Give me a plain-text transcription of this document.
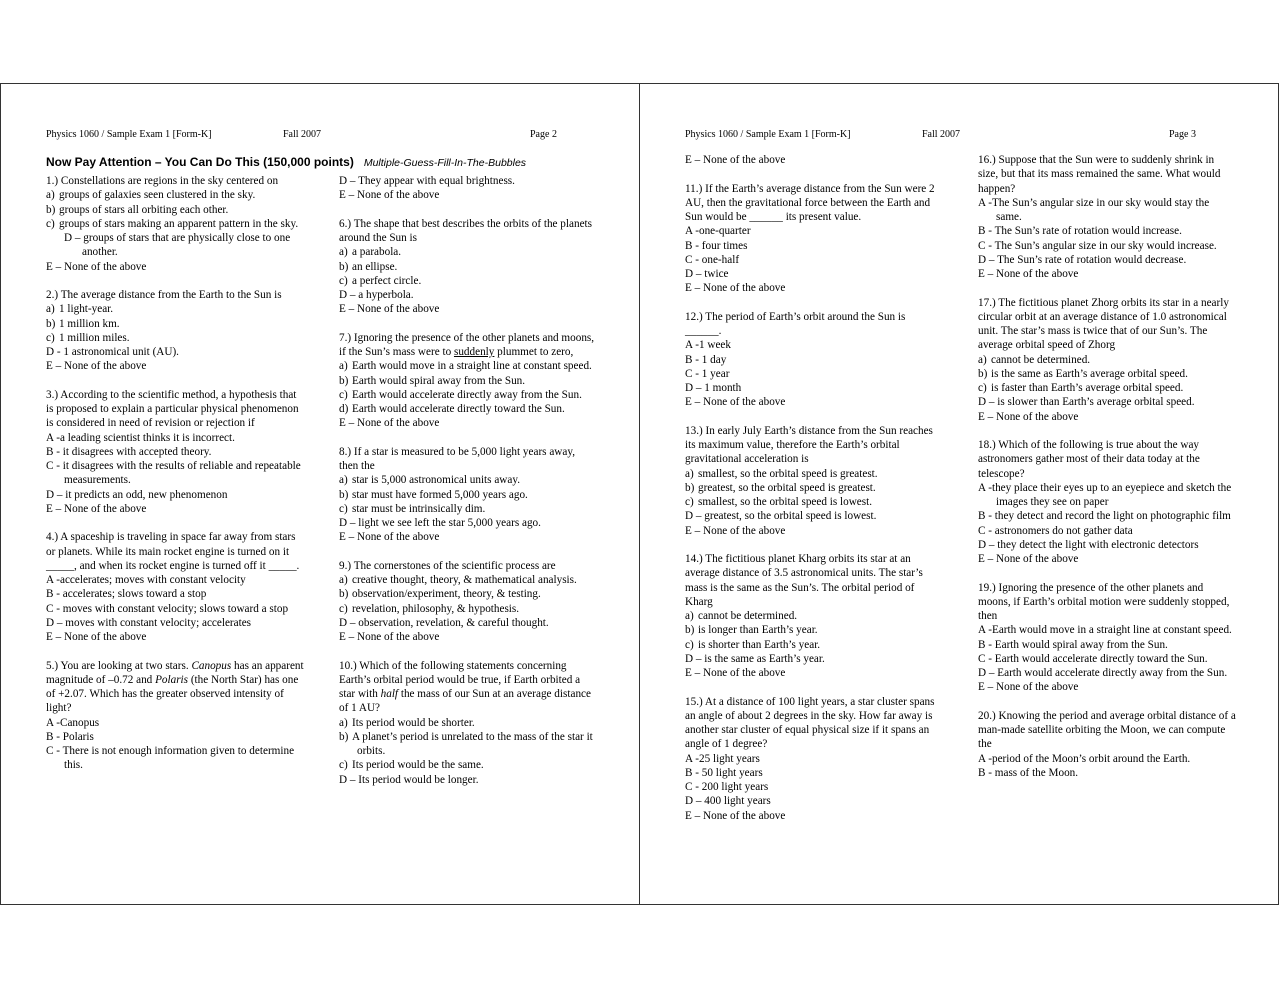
Physics 1060 / Sample Exam 1 [Form-K]	Fall 2007	Page 2
Now Pay Attention – You Can Do This (150,000 points) Multiple-Guess-Fill-In-The-Bubbles
Physics 1060 / Sample Exam 1 [Form-K]	Fall 2007	Page 3

1.) Constellations are regions in the sky centered on

a) groups of galaxies seen clustered in the sky.

b) groups of stars all orbiting each other.

c) groups of stars making an apparent pattern in the sky.

D – groups of stars that are physically close to one another.

E – None of the above

2.) The average distance from the Earth to the Sun is

a) 1 light-year.

b) 1 million km.

c) 1 million miles.

D - 1 astronomical unit (AU).

E – None of the above

3.) According to the scientific method, a hypothesis that is proposed to explain a particular physical phenomenon is considered in need of revision or rejection if

A -a leading scientist thinks it is incorrect.

B - it disagrees with accepted theory.

C - it disagrees with the results of reliable and repeatable measurements.

D – it predicts an odd, new phenomenon

E – None of the above

4.) A spaceship is traveling in space far away from stars or planets. While its main rocket engine is turned on it _____, and when its rocket engine is turned off it _____.

A -accelerates; moves with constant velocity

B - accelerates; slows toward a stop

C - moves with constant velocity; slows toward a stop

D – moves with constant velocity; accelerates

E – None of the above

5.) You are looking at two stars. Canopus has an apparent magnitude of –0.72 and Polaris (the North Star) has one of +2.07. Which has the greater observed intensity of light?

A -Canopus

B - Polaris

C - There is not enough information given to determine this.

D – They appear with equal brightness.

E – None of the above

6.) The shape that best describes the orbits of the planets around the Sun is

a) a parabola.

b) an ellipse.

c) a perfect circle.

D – a hyperbola.

E – None of the above

7.) Ignoring the presence of the other planets and moons, if the Sun’s mass were to suddenly plummet to zero,

a) Earth would move in a straight line at constant speed.

b) Earth would spiral away from the Sun.

c) Earth would accelerate directly away from the Sun.

d) Earth would accelerate directly toward the Sun.

E – None of the above

8.) If a star is measured to be 5,000 light years away, then the

a) star is 5,000 astronomical units away.

b) star must have formed 5,000 years ago.

c) star must be intrinsically dim.

D – light we see left the star 5,000 years ago.

E – None of the above

9.) The cornerstones of the scientific process are

a) creative thought, theory, & mathematical analysis.

b) observation/experiment, theory, & testing.

c) revelation, philosophy, & hypothesis.

D – observation, revelation, & careful thought.

E – None of the above

10.) Which of the following statements concerning Earth’s orbital period would be true, if Earth orbited a star with half the mass of our Sun at an average distance of 1 AU?

a) Its period would be shorter.

b) A planet’s period is unrelated to the mass of the star it orbits.

c) Its period would be the same.

D – Its period would be longer.

E – None of the above

11.) If the Earth’s average distance from the Sun were 2 AU, then the gravitational force between the Earth and Sun would be ______ its present value.

A -one-quarter

B - four times

C - one-half

D – twice

E – None of the above

12.) The period of Earth’s orbit around the Sun is ______.

A -1 week

B - 1 day

C - 1 year

D – 1 month

E – None of the above

13.) In early July Earth’s distance from the Sun reaches its maximum value, therefore the Earth’s orbital gravitational acceleration is

a) smallest, so the orbital speed is greatest.

b) greatest, so the orbital speed is greatest.

c) smallest, so the orbital speed is lowest.

D – greatest, so the orbital speed is lowest.

E – None of the above

14.) The fictitious planet Kharg orbits its star at an average distance of 3.5 astronomical units. The star’s mass is the same as the Sun’s. The orbital period of Kharg

a) cannot be determined.

b) is longer than Earth’s year.

c) is shorter than Earth’s year.

D – is the same as Earth’s year.

E – None of the above

15.) At a distance of 100 light years, a star cluster spans an angle of about 2 degrees in the sky. How far away is another star cluster of equal physical size if it spans an angle of 1 degree?

A -25 light years

B - 50 light years

C - 200 light years

D – 400 light years

E – None of the above

16.) Suppose that the Sun were to suddenly shrink in size, but that its mass remained the same. What would happen?

A -The Sun’s angular size in our sky would stay the same.

B - The Sun’s rate of rotation would increase.

C - The Sun’s angular size in our sky would increase.

D – The Sun’s rate of rotation would decrease.

E – None of the above

17.) The fictitious planet Zhorg orbits its star in a nearly circular orbit at an average distance of 1.0 astronomical unit. The star’s mass is twice that of our Sun’s. The average orbital speed of Zhorg

a) cannot be determined.

b) is the same as Earth’s average orbital speed.

c) is faster than Earth’s average orbital speed.

D – is slower than Earth’s average orbital speed.

E – None of the above

18.) Which of the following is true about the way astronomers gather most of their data today at the telescope?

A -they place their eyes up to an eyepiece and sketch the images they see on paper

B - they detect and record the light on photographic film

C - astronomers do not gather data

D – they detect the light with electronic detectors

E – None of the above

19.) Ignoring the presence of the other planets and moons, if Earth’s orbital motion were suddenly stopped, then

A -Earth would move in a straight line at constant speed.

B - Earth would spiral away from the Sun.

C - Earth would accelerate directly toward the Sun.

D – Earth would accelerate directly away from the Sun.

E – None of the above

20.) Knowing the period and average orbital distance of a man-made satellite orbiting the Moon, we can compute the

A -period of the Moon’s orbit around the Earth.

B - mass of the Moon.
